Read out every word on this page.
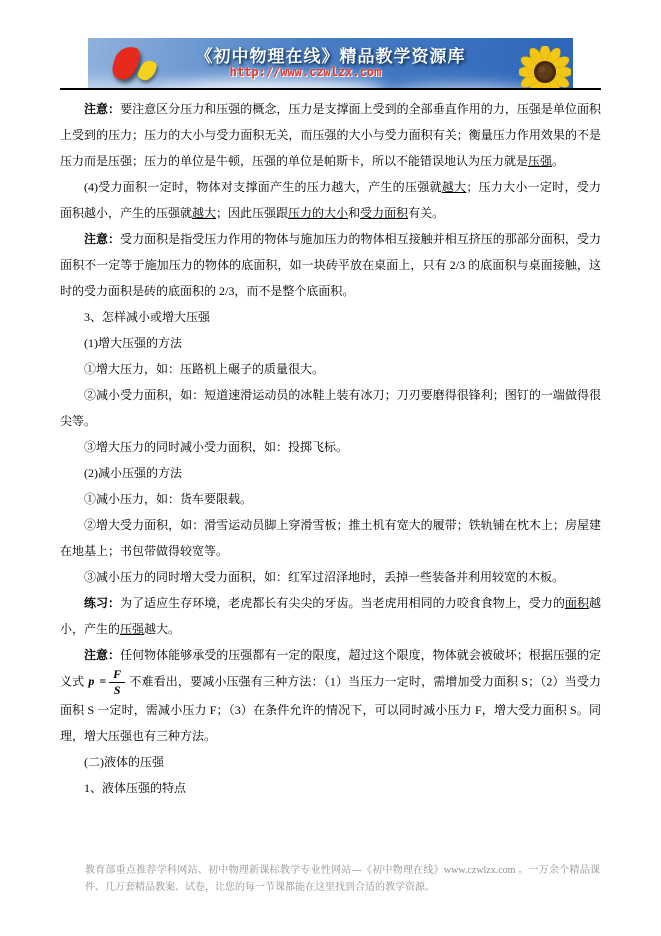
《初中物理在线》精品教学资源库
http://www.czwlzx.com

注意：要注意区分压力和压强的概念，压力是支撑面上受到的全部垂直作用的力，压强是单位面积上受到的压力；压力的大小与受力面积无关，而压强的大小与受力面积有关；衡量压力作用效果的不是压力而是压强；压力的单位是牛顿，压强的单位是帕斯卡，所以不能错误地认为压力就是压强。

(4)受力面积一定时，物体对支撑面产生的压力越大，产生的压强就越大；压力大小一定时，受力面积越小，产生的压强就越大；因此压强跟压力的大小和受力面积有关。

注意：受力面积是指受压力作用的物体与施加压力的物体相互接触并相互挤压的那部分面积，受力面积不一定等于施加压力的物体的底面积，如一块砖平放在桌面上，只有 2/3 的底面积与桌面接触，这时的受力面积是砖的底面积的 2/3，而不是整个底面积。

3、怎样减小或增大压强

(1)增大压强的方法

①增大压力，如：压路机上碾子的质量很大。

②减小受力面积，如：短道速滑运动员的冰鞋上装有冰刀；刀刃要磨得很锋利；图钉的一端做得很尖等。

③增大压力的同时减小受力面积，如：投掷飞标。

(2)减小压强的方法

①减小压力，如：货车要限载。

②增大受力面积，如：滑雪运动员脚上穿滑雪板；推土机有宽大的履带；铁轨铺在枕木上；房屋建在地基上；书包带做得较宽等。

③减小压力的同时增大受力面积，如：红军过沼泽地时，丢掉一些装备并利用较宽的木板。

练习：为了适应生存环境，老虎都长有尖尖的牙齿。当老虎用相同的力咬食食物上，受力的面积越小，产生的压强越大。

注意：任何物体能够承受的压强都有一定的限度，超过这个限度，物体就会被破坏；根据压强的定义式 $p = \frac{F}{S}$ 不难看出，要减小压强有三种方法：（1）当压力一定时，需增加受力面积 S；（2）当受力面积 S 一定时，需减小压力 F；（3）在条件允许的情况下，可以同时减小压力 F，增大受力面积 S。同理，增大压强也有三种方法。

(二)液体的压强

1、液体压强的特点

教育部重点推荐学科网站、初中物理新课标教学专业性网站---《初中物理在线》www.czwlzx.com 。一万余个精品课件、几万套精品教案、试卷，让您的每一节课都能在这里找到合适的教学资源。
